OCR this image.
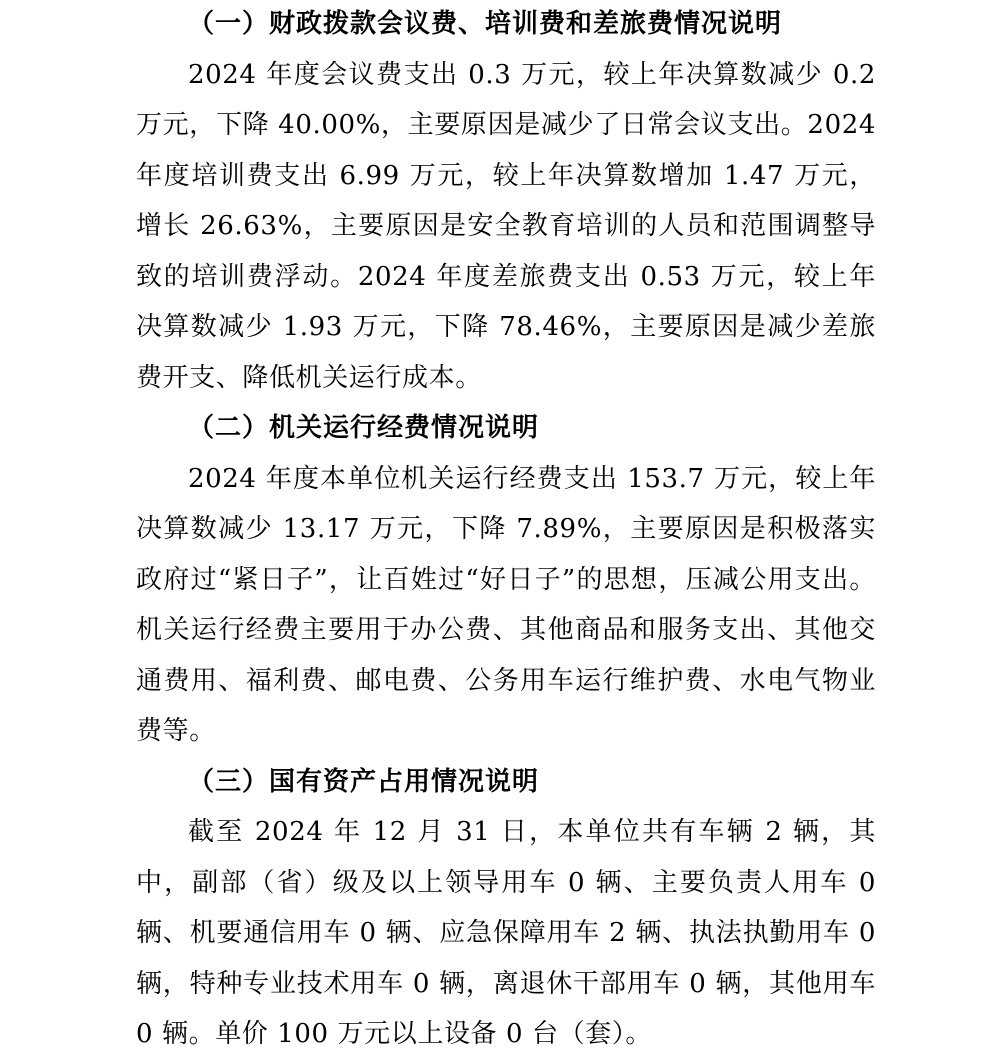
（一）财政拨款会议费、培训费和差旅费情况说明

2024 年度会议费支出 0.3 万元，较上年决算数减少 0.2 万元，下降 40.00%，主要原因是减少了日常会议支出。2024 年度培训费支出 6.99 万元，较上年决算数增加 1.47 万元，增长 26.63%，主要原因是安全教育培训的人员和范围调整导致的培训费浮动。2024 年度差旅费支出 0.53 万元，较上年决算数减少 1.93 万元，下降 78.46%，主要原因是减少差旅费开支、降低机关运行成本。

（二）机关运行经费情况说明

2024 年度本单位机关运行经费支出 153.7 万元，较上年决算数减少 13.17 万元，下降 7.89%，主要原因是积极落实政府过“紧日子”，让百姓过“好日子”的思想，压减公用支出。机关运行经费主要用于办公费、其他商品和服务支出、其他交通费用、福利费、邮电费、公务用车运行维护费、水电气物业费等。

（三）国有资产占用情况说明

截至 2024 年 12 月 31 日，本单位共有车辆 2 辆，其中，副部（省）级及以上领导用车 0 辆、主要负责人用车 0 辆、机要通信用车 0 辆、应急保障用车 2 辆、执法执勤用车 0 辆，特种专业技术用车 0 辆，离退休干部用车 0 辆，其他用车 0 辆。单价 100 万元以上设备 0 台（套）。
